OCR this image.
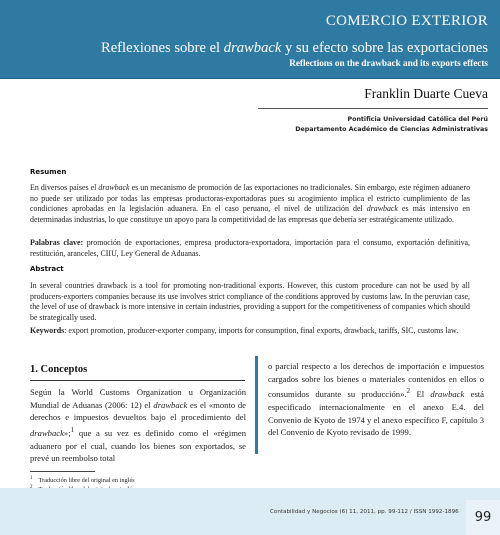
COMERCIO EXTERIOR
Reflexiones sobre el drawback y su efecto sobre las exportaciones
Reflections on the drawback and its exports effects
Franklin Duarte Cueva
Pontificia Universidad Católica del Perú
Departamento Académico de Ciencias Administrativas
Resumen
En diversos países el drawback es un mecanismo de promoción de las exportaciones no tradicionales. Sin embargo, este régimen aduanero no puede ser utilizado por todas las empresas productoras-exportadoras pues su acogimiento implica el estricto cumplimiento de las condiciones aprobadas en la legislación aduanera. En el caso peruano, el nivel de utilización del drawback es más intensivo en determinadas industrias, lo que constituye un apoyo para la competitividad de las empresas que debería ser estratégicamente utilizado.
Palabras clave: promoción de exportaciones, empresa productora-exportadora, importación para el consumo, exportación definitiva, restitución, aranceles, CIIU, Ley General de Aduanas.
Abstract
In several countries drawback is a tool for promoting non-traditional exports. However, this custom procedure can not be used by all producers-exporters companies because its use involves strict compliance of the conditions approved by customs law. In the peruvian case, the level of use of drawback is more intensive in certain industries, providing a support for the competitiveness of companies which should be strategically used.
Keywords: export promotion, producer-exporter company, imports for consumption, final exports, drawback, tariffs, SIC, customs law.
1. Conceptos
Según la World Customs Organization u Organización Mundial de Aduanas (2006: 12) el drawback es el «monto de derechos e impuestos devueltos bajo el procedimiento del drawback»;$^1$ que a su vez es definido como el «régimen aduanero por el cual, cuando los bienes son exportados, se prevé un reembolso total
o parcial respecto a los derechos de importación e impuestos cargados sobre los bienes o materiales contenidos en ellos o consumidos durante su producción».$^2$ El drawback está especificado internacionalmente en el anexo E.4. del Convenio de Kyoto de 1974 y el anexo específico F, capítulo 3 del Convenio de Kyoto revisado de 1999.
$^1$ Traducción libre del original en inglés
Contabilidad y Negocios (6) 11, 2011, pp. 99-112 / ISSN 1992-1896	99
